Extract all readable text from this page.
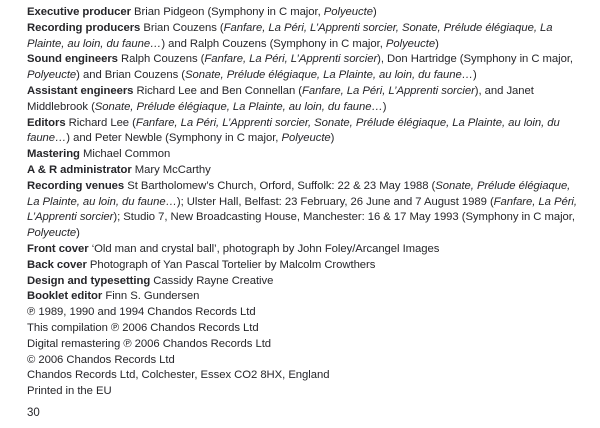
Executive producer Brian Pidgeon (Symphony in C major, Polyeucte)

Recording producers Brian Couzens (Fanfare, La Péri, L’Apprenti sorcier, Sonate, Prélude élégiaque, La Plainte, au loin, du faune…) and Ralph Couzens (Symphony in C major, Polyeucte)

Sound engineers Ralph Couzens (Fanfare, La Péri, L’Apprenti sorcier), Don Hartridge (Symphony in C major, Polyeucte) and Brian Couzens (Sonate, Prélude élégiaque, La Plainte, au loin, du faune…)

Assistant engineers Richard Lee and Ben Connellan (Fanfare, La Péri, L’Apprenti sorcier), and Janet Middlebrook (Sonate, Prélude élégiaque, La Plainte, au loin, du faune…)

Editors Richard Lee (Fanfare, La Péri, L’Apprenti sorcier, Sonate, Prélude élégiaque, La Plainte, au loin, du faune…) and Peter Newble (Symphony in C major, Polyeucte)

Mastering Michael Common

A & R administrator Mary McCarthy

Recording venues St Bartholomew’s Church, Orford, Suffolk: 22 & 23 May 1988 (Sonate, Prélude élégiaque, La Plainte, au loin, du faune…); Ulster Hall, Belfast: 23 February, 26 June and 7 August 1989 (Fanfare, La Péri, L’Apprenti sorcier); Studio 7, New Broadcasting House, Manchester: 16 & 17 May 1993 (Symphony in C major, Polyeucte)

Front cover ‘Old man and crystal ball’, photograph by John Foley/Arcangel Images

Back cover Photograph of Yan Pascal Tortelier by Malcolm Crowthers

Design and typesetting Cassidy Rayne Creative

Booklet editor Finn S. Gundersen

℗ 1989, 1990 and 1994 Chandos Records Ltd

This compilation ℗ 2006 Chandos Records Ltd

Digital remastering ℗ 2006 Chandos Records Ltd

© 2006 Chandos Records Ltd

Chandos Records Ltd, Colchester, Essex CO2 8HX, England

Printed in the EU

30
